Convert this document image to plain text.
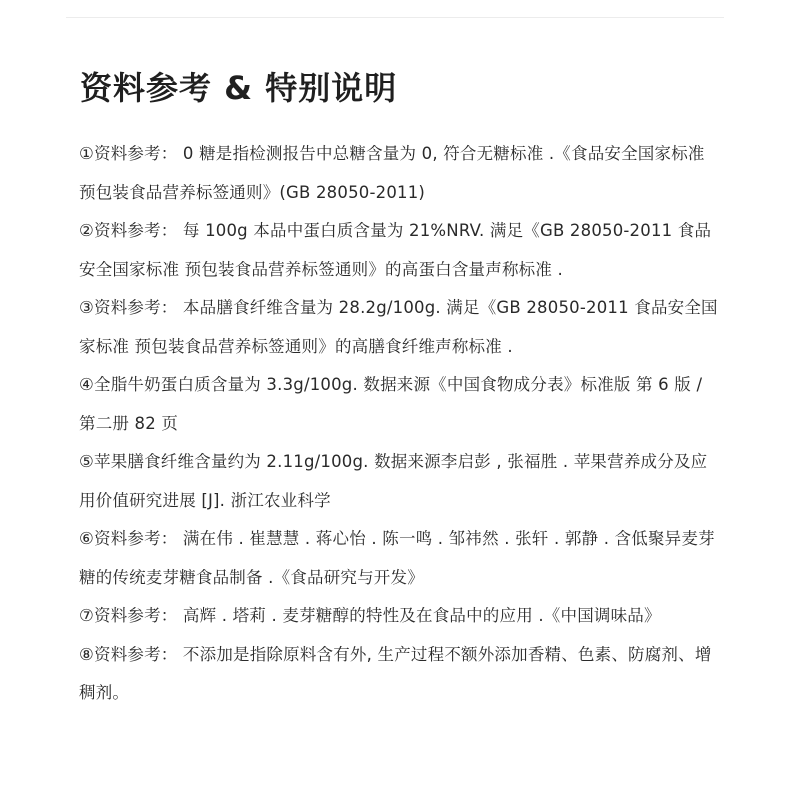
资料参考 & 特别说明
①资料参考： 0 糖是指检测报告中总糖含量为 0, 符合无糖标准 .《食品安全国家标准 预包装食品营养标签通则》(GB 28050-2011)
②资料参考： 每 100g 本品中蛋白质含量为 21%NRV. 满足《GB 28050-2011 食品安全国家标准 预包装食品营养标签通则》的高蛋白含量声称标准 .
③资料参考： 本品膳食纤维含量为 28.2g/100g. 满足《GB 28050-2011 食品安全国家标准 预包装食品营养标签通则》的高膳食纤维声称标准 .
④全脂牛奶蛋白质含量为 3.3g/100g. 数据来源《中国食物成分表》标准版 第 6 版 / 第二册 82 页
⑤苹果膳食纤维含量约为 2.11g/100g. 数据来源李启彭 , 张福胜 . 苹果营养成分及应用价值研究进展 [J]. 浙江农业科学
⑥资料参考： 满在伟 . 崔慧慧 . 蒋心怡 . 陈一鸣 . 邹祎然 . 张轩 . 郭静 . 含低聚异麦芽糖的传统麦芽糖食品制备 .《食品研究与开发》
⑦资料参考： 高辉 . 塔莉 . 麦芽糖醇的特性及在食品中的应用 .《中国调味品》
⑧资料参考： 不添加是指除原料含有外, 生产过程不额外添加香精、色素、防腐剂、增稠剂。
